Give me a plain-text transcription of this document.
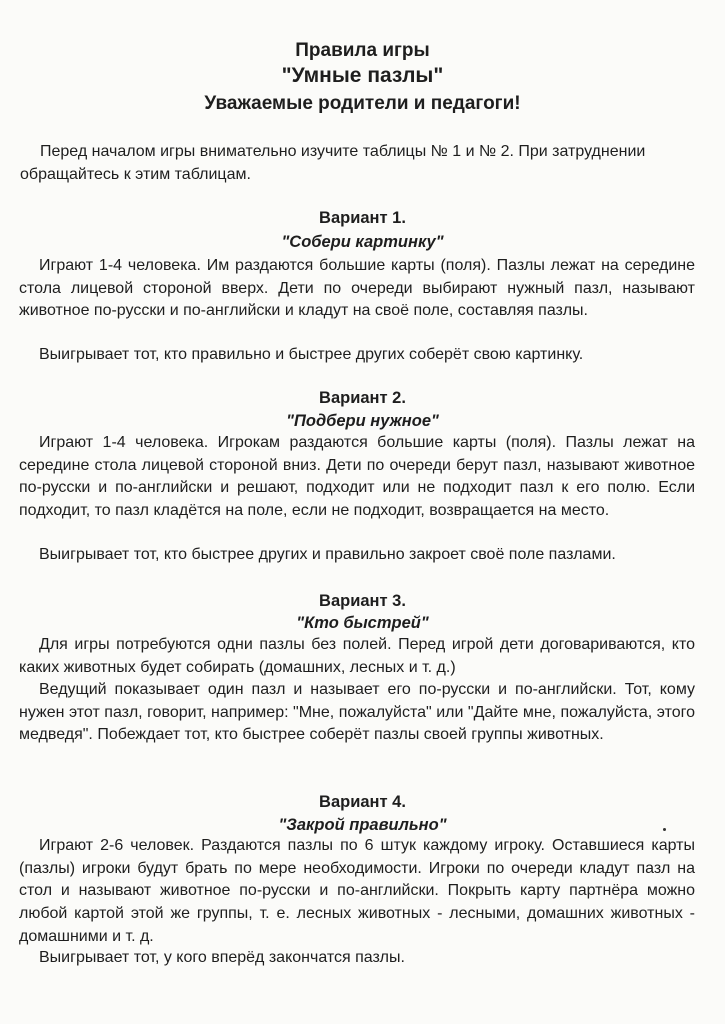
Правила игры
"Умные пазлы"
Уважаемые родители и педагоги!

Перед началом игры внимательно изучите таблицы № 1 и № 2. При затруднении обращайтесь к этим таблицам.

Вариант 1.
"Собери картинку"

Играют 1-4 человека. Им раздаются большие карты (поля). Пазлы лежат на середине стола лицевой стороной вверх. Дети по очереди выбирают нужный пазл, называют животное по-русски и по-английски и кладут на своё поле, составляя пазлы.

Выигрывает тот, кто правильно и быстрее других соберёт свою картинку.

Вариант 2.
"Подбери нужное"

Играют 1-4 человека. Игрокам раздаются большие карты (поля). Пазлы лежат на середине стола лицевой стороной вниз. Дети по очереди берут пазл, называют животное по-русски и по-английски и решают, подходит или не подходит пазл к его полю. Если подходит, то пазл кладётся на поле, если не подходит, возвращается на место.

Выигрывает тот, кто быстрее других и правильно закроет своё поле пазлами.

Вариант 3.
"Кто быстрей"

Для игры потребуются одни пазлы без полей. Перед игрой дети договариваются, кто каких животных будет собирать (домашних, лесных и т. д.)

Ведущий показывает один пазл и называет его по-русски и по-английски. Тот, кому нужен этот пазл, говорит, например: "Мне, пожалуйста" или "Дайте мне, пожалуйста, этого медведя". Побеждает тот, кто быстрее соберёт пазлы своей группы животных.

Вариант 4.
"Закрой правильно"

Играют 2-6 человек. Раздаются пазлы по 6 штук каждому игроку. Оставшиеся карты (пазлы) игроки будут брать по мере необходимости. Игроки по очереди кладут пазл на стол и называют животное по-русски и по-английски. Покрыть карту партнёра можно любой картой этой же группы, т. е. лесных животных - лесными, домашних животных - домашними и т. д.

Выигрывает тот, у кого вперёд закончатся пазлы.
